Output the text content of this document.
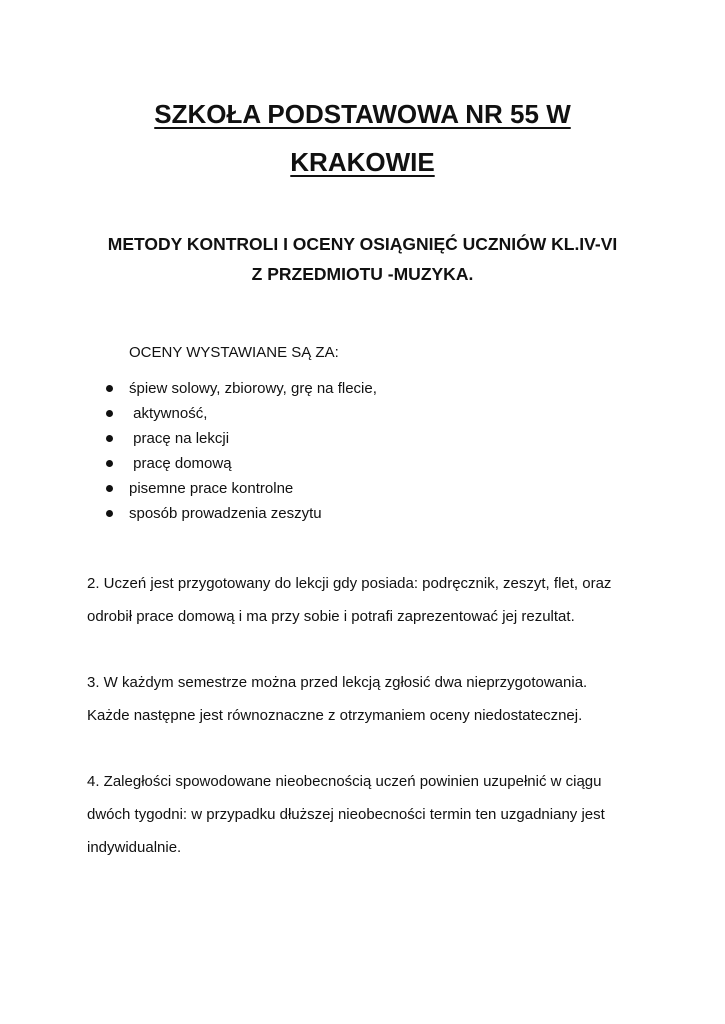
SZKOŁA PODSTAWOWA NR 55 W
KRAKOWIE
METODY KONTROLI I OCENY OSIĄGNIĘĆ UCZNIÓW KL.IV-VI
Z PRZEDMIOTU -MUZYKA.
OCENY WYSTAWIANE SĄ ZA:
śpiew solowy, zbiorowy, grę na flecie,
aktywność,
pracę na lekcji
pracę domową
pisemne prace kontrolne
sposób prowadzenia zeszytu
2. Uczeń jest przygotowany do lekcji gdy posiada: podręcznik, zeszyt, flet, oraz
odrobił prace domową i ma przy sobie i potrafi zaprezentować jej rezultat.
3. W każdym semestrze można przed lekcją zgłosić dwa nieprzygotowania.
Każde następne jest równoznaczne z otrzymaniem oceny niedostatecznej.
4. Zaległości spowodowane nieobecnością uczeń powinien uzupełnić w ciągu
dwóch tygodni: w przypadku dłuższej nieobecności termin ten uzgadniany jest
indywidualnie.
